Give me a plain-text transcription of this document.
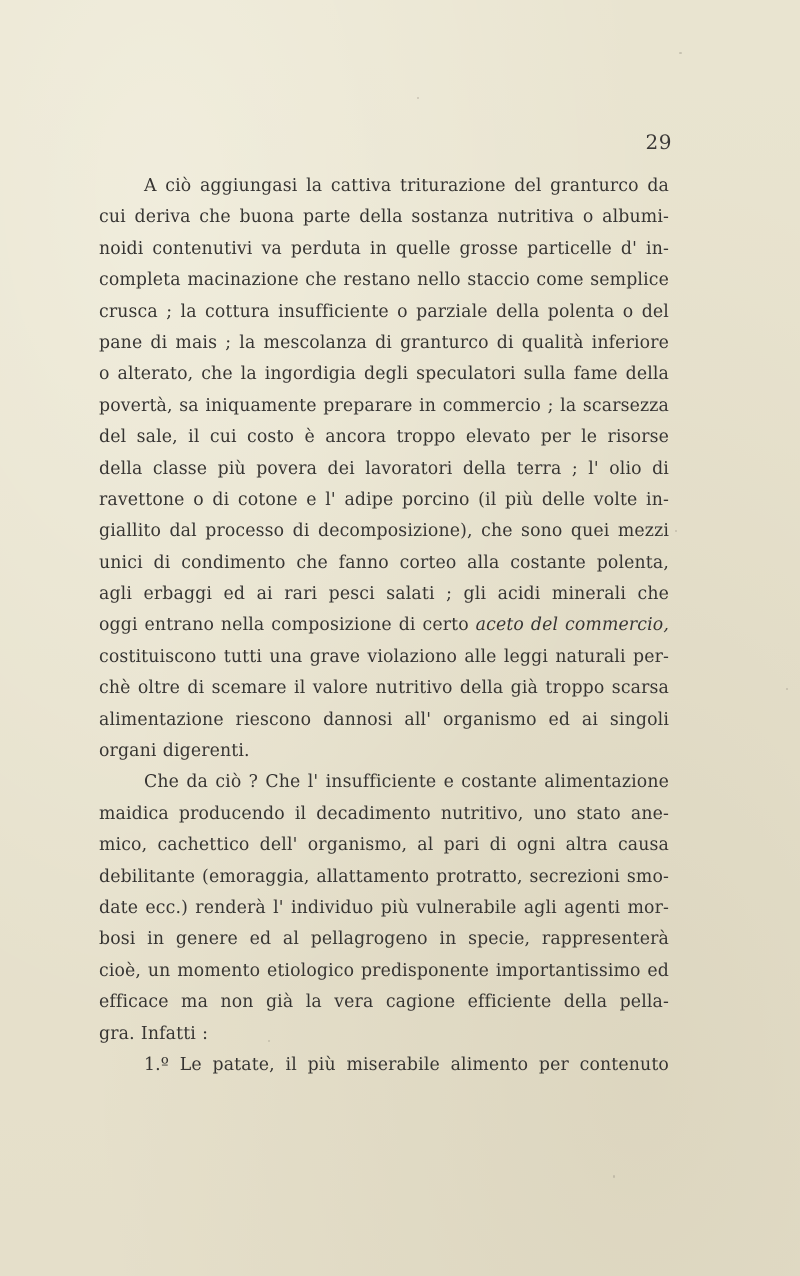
29
A ciò aggiungasi la cattiva triturazione del granturco da
cui deriva che buona parte della sostanza nutritiva o albumi-
noidi contenutivi va perduta in quelle grosse particelle d' in-
completa macinazione che restano nello staccio come semplice
crusca ; la cottura insufficiente o parziale della polenta o del
pane di mais ; la mescolanza di granturco di qualità inferiore
o alterato, che la ingordigia degli speculatori sulla fame della
povertà, sa iniquamente preparare in commercio ; la scarsezza
del sale, il cui costo è ancora troppo elevato per le risorse
della classe più povera dei lavoratori della terra ; l' olio di
ravettone o di cotone e l' adipe porcino (il più delle volte in-
giallito dal processo di decomposizione), che sono quei mezzi
unici di condimento che fanno corteo alla costante polenta,
agli erbaggi ed ai rari pesci salati ; gli acidi minerali che
oggi entrano nella composizione di certo aceto del commercio,
costituiscono tutti una grave violaziono alle leggi naturali per-
chè oltre di scemare il valore nutritivo della già troppo scarsa
alimentazione riescono dannosi all' organismo ed ai singoli
organi digerenti.
Che da ciò ? Che l' insufficiente e costante alimentazione
maidica producendo il decadimento nutritivo, uno stato ane-
mico, cachettico dell' organismo, al pari di ogni altra causa
debilitante (emoraggia, allattamento protratto, secrezioni smo-
date ecc.) renderà l' individuo più vulnerabile agli agenti mor-
bosi in genere ed al pellagrogeno in specie, rappresenterà
cioè, un momento etiologico predisponente importantissimo ed
efficace ma non già la vera cagione efficiente della pella-
gra. Infatti :
1.º Le patate, il più miserabile alimento per contenuto
